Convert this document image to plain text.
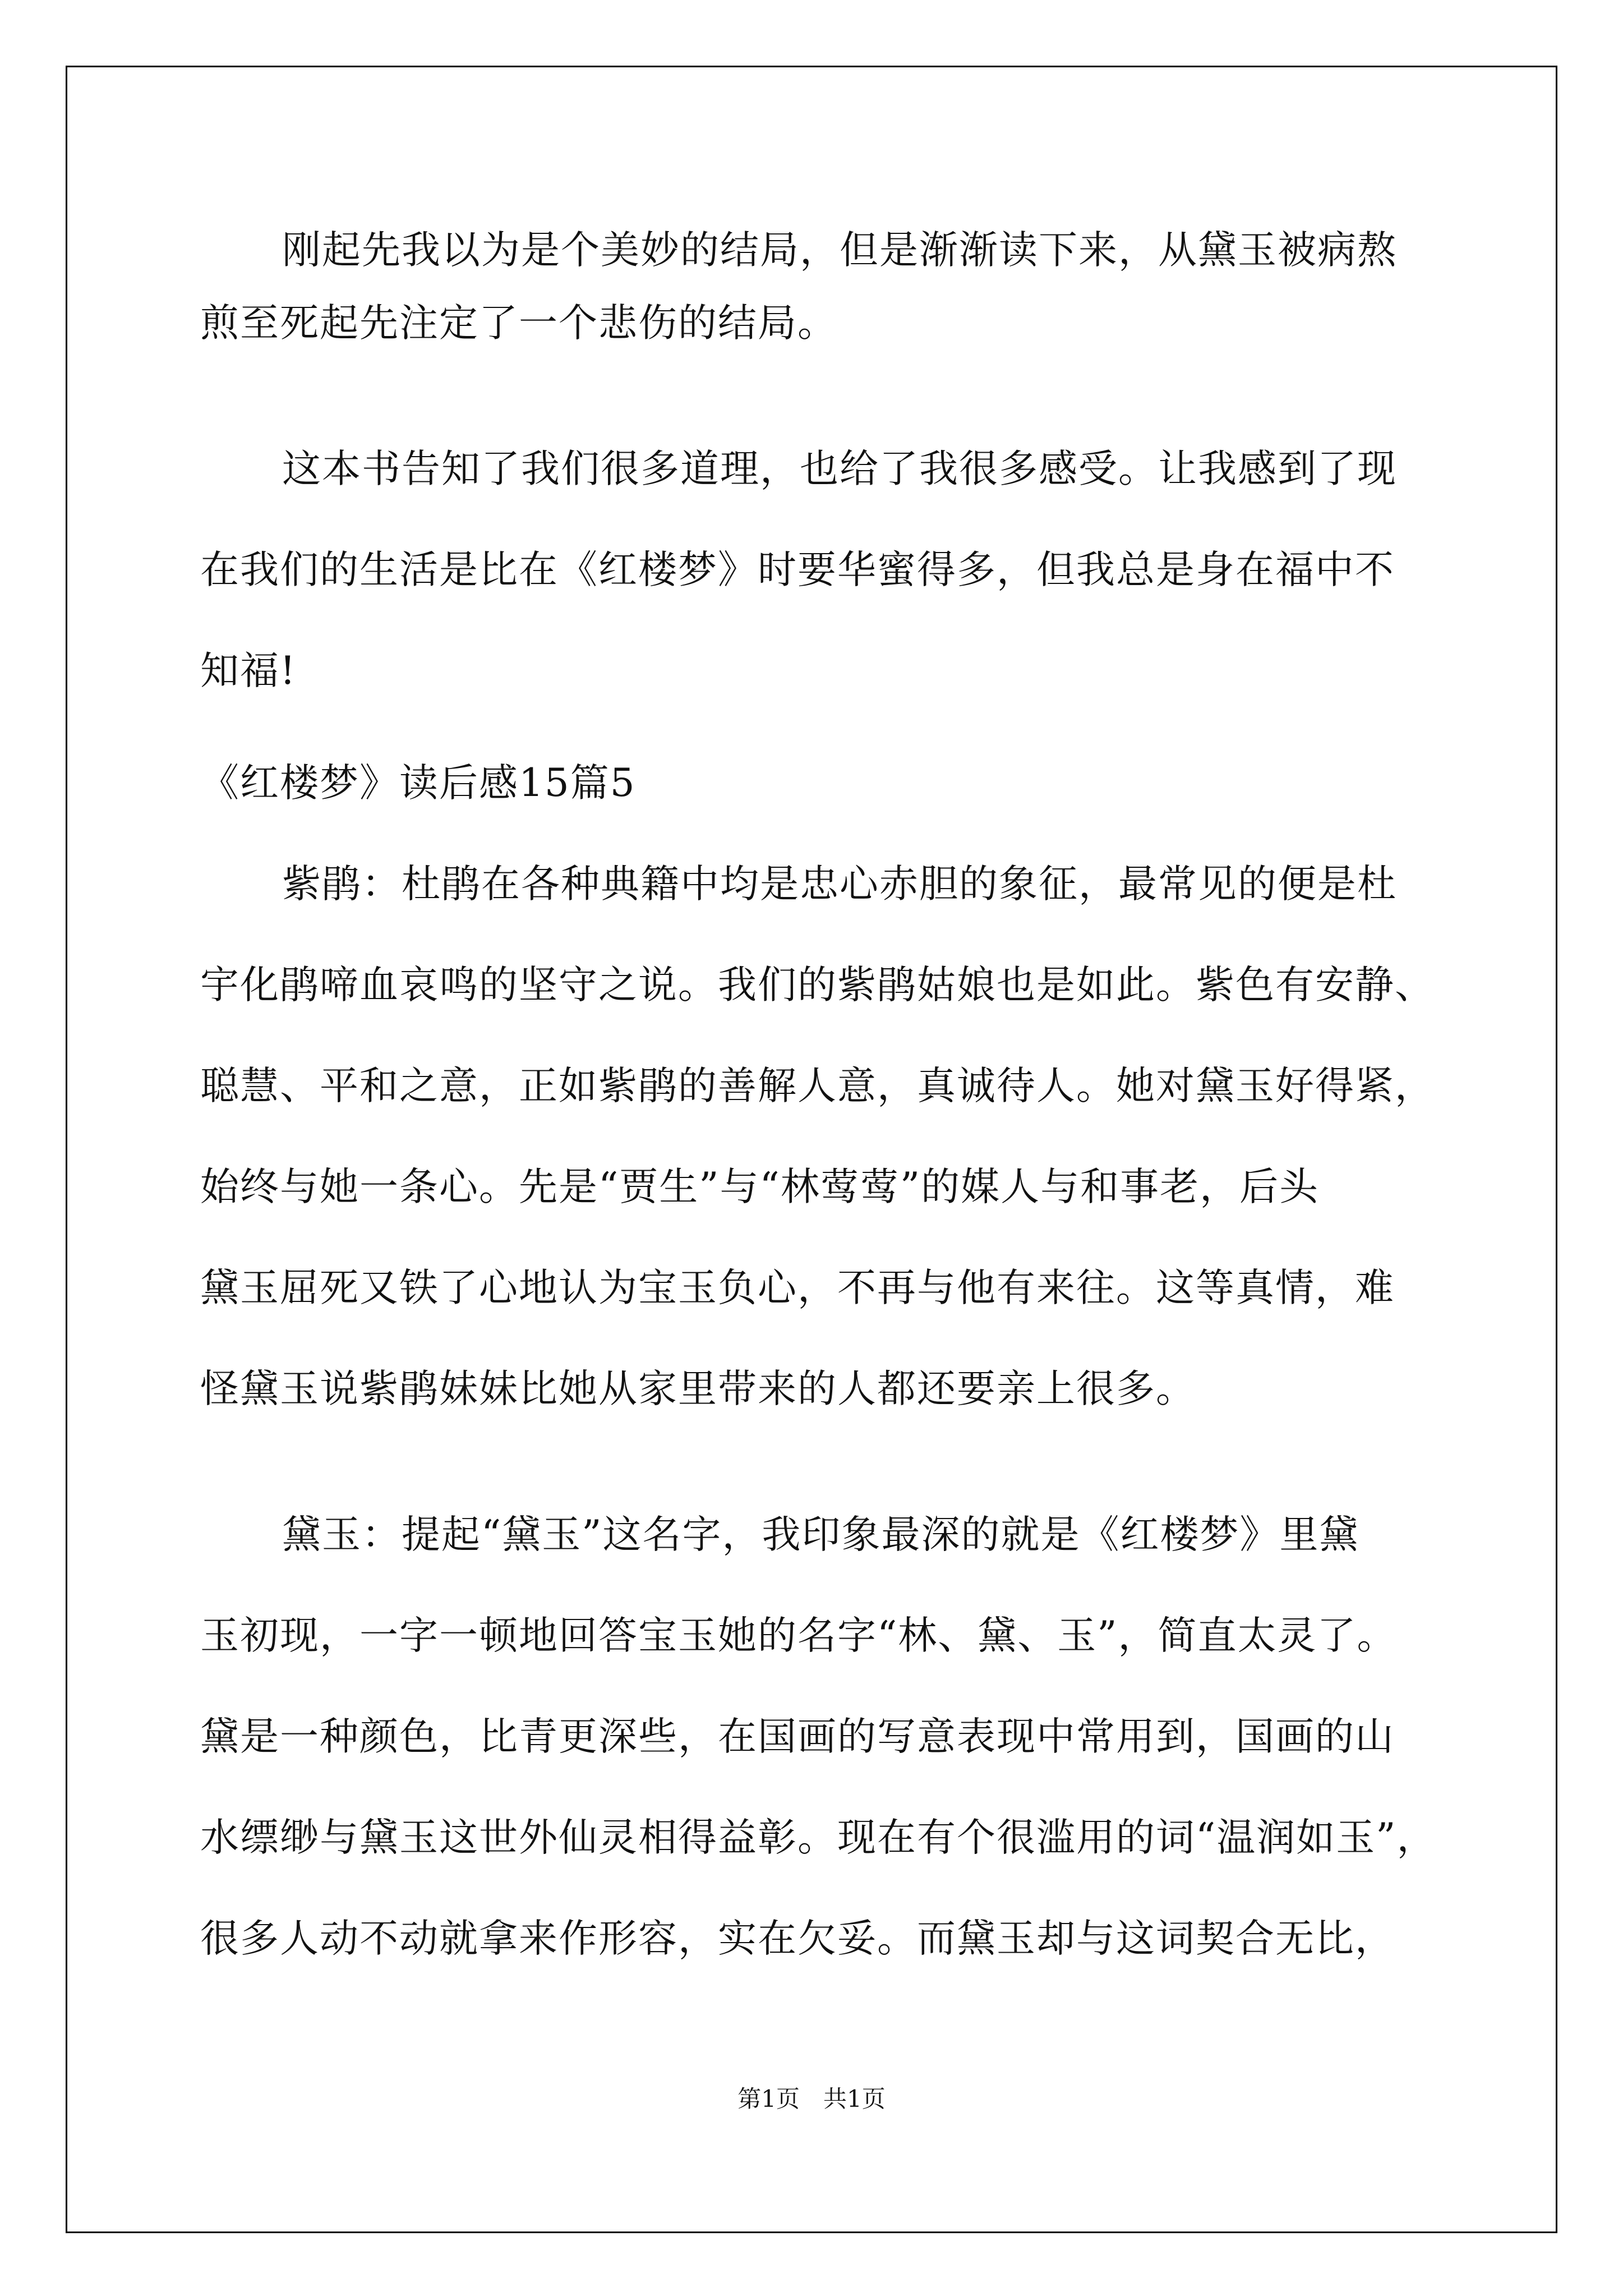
刚起先我以为是个美妙的结局，但是渐渐读下来，从黛玉被病熬
煎至死起先注定了一个悲伤的结局。
这本书告知了我们很多道理，也给了我很多感受。让我感到了现
在我们的生活是比在《红楼梦》时要华蜜得多，但我总是身在福中不
知福!
《红楼梦》读后感15篇5
紫鹃：杜鹃在各种典籍中均是忠心赤胆的象征，最常见的便是杜
宇化鹃啼血哀鸣的坚守之说。我们的紫鹃姑娘也是如此。紫色有安静、
聪慧、平和之意，正如紫鹃的善解人意，真诚待人。她对黛玉好得紧，
始终与她一条心。先是“贾生”与“林莺莺”的媒人与和事老，后头
黛玉屈死又铁了心地认为宝玉负心，不再与他有来往。这等真情，难
怪黛玉说紫鹃妹妹比她从家里带来的人都还要亲上很多。
黛玉：提起“黛玉”这名字，我印象最深的就是《红楼梦》里黛
玉初现，一字一顿地回答宝玉她的名字“林、黛、玉”，简直太灵了。
黛是一种颜色，比青更深些，在国画的写意表现中常用到，国画的山
水缥缈与黛玉这世外仙灵相得益彰。现在有个很滥用的词“温润如玉”，
很多人动不动就拿来作形容，实在欠妥。而黛玉却与这词契合无比，
第1页　共1页
